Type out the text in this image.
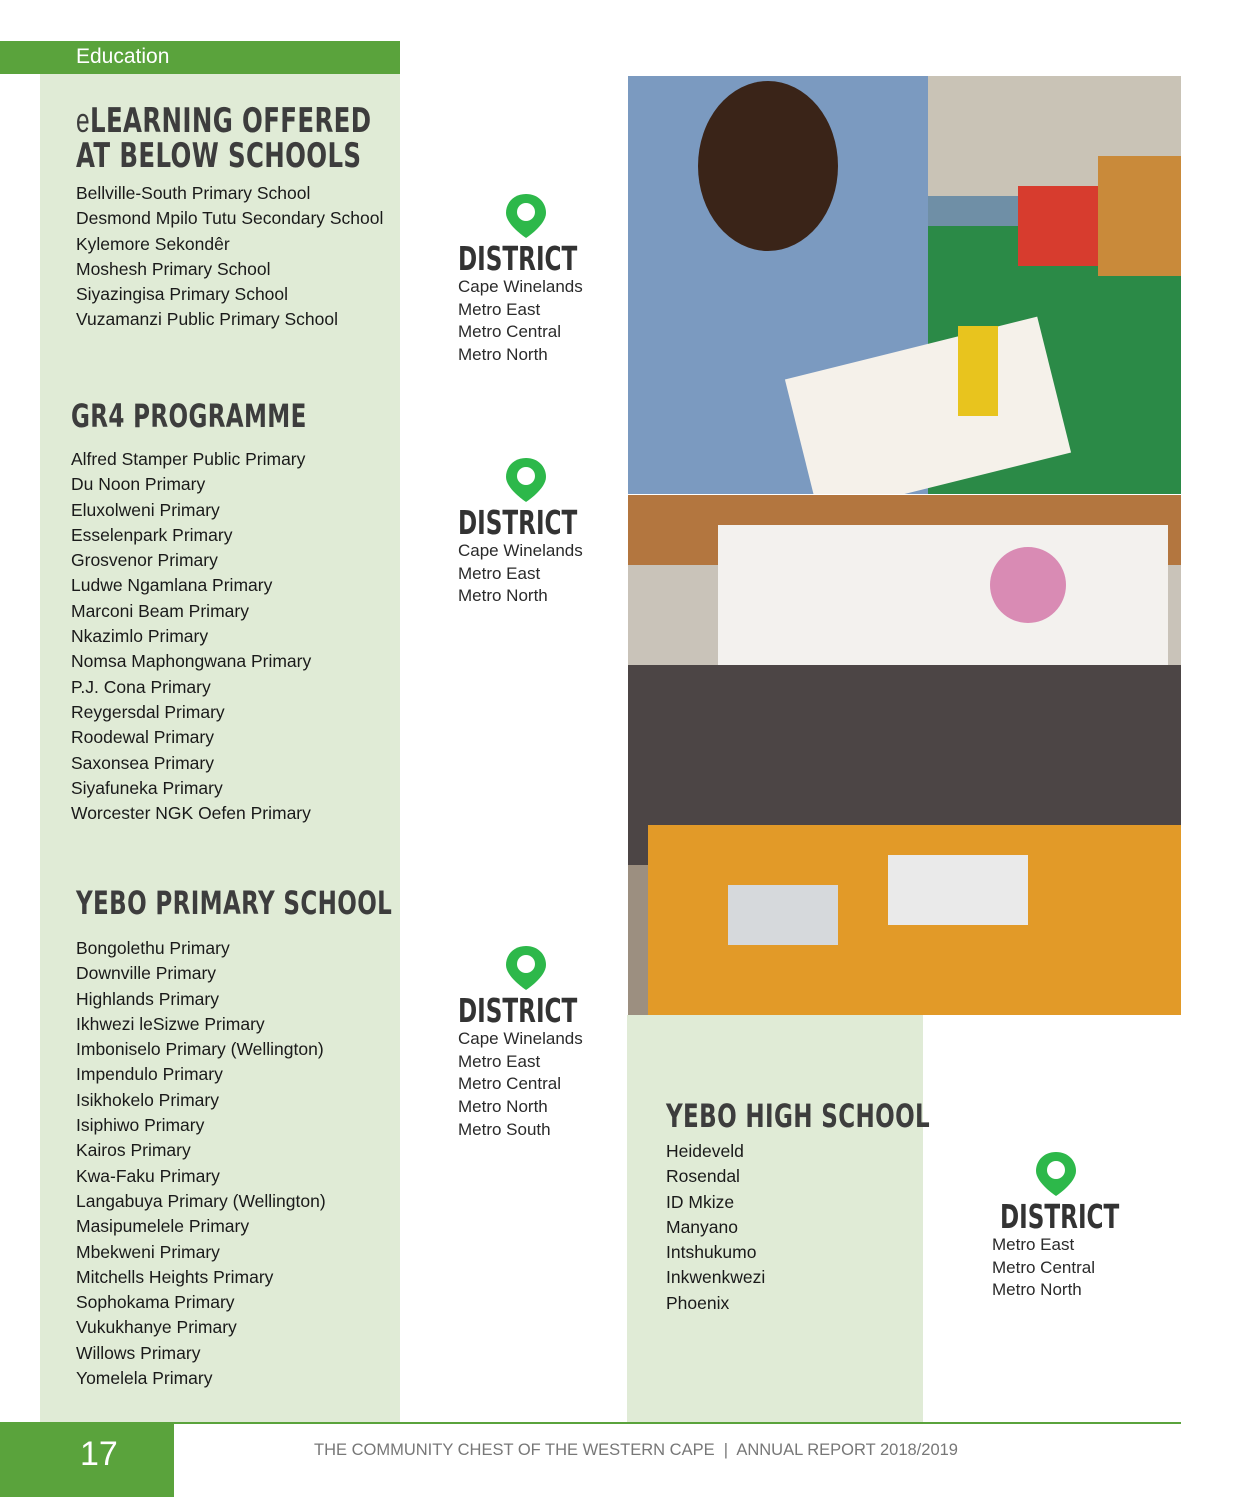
Education
eLEARNING OFFERED
AT BELOW SCHOOLS
Bellville-South Primary School
Desmond Mpilo Tutu Secondary School
Kylemore Sekondêr
Moshesh Primary School
Siyazingisa Primary School
Vuzamanzi Public Primary School
GR4 PROGRAMME
Alfred Stamper Public Primary
Du Noon Primary
Eluxolweni Primary
Esselenpark Primary
Grosvenor Primary
Ludwe Ngamlana Primary
Marconi Beam Primary
Nkazimlo Primary
Nomsa Maphongwana Primary
P.J. Cona Primary
Reygersdal Primary
Roodewal Primary
Saxonsea Primary
Siyafuneka Primary
Worcester NGK Oefen Primary
YEBO PRIMARY SCHOOL
Bongolethu Primary
Downville Primary
Highlands Primary
Ikhwezi leSizwe Primary
Imboniselo Primary (Wellington)
Impendulo Primary
Isikhokelo Primary
Isiphiwo Primary
Kairos Primary
Kwa-Faku Primary
Langabuya Primary (Wellington)
Masipumelele Primary
Mbekweni Primary
Mitchells Heights Primary
Sophokama Primary
Vukukhanye Primary
Willows Primary
Yomelela Primary
DISTRICT
Cape Winelands
Metro East
Metro Central
Metro North
DISTRICT
Cape Winelands
Metro East
Metro North
DISTRICT
Cape Winelands
Metro East
Metro Central
Metro North
Metro South	YEBO HIGH SCHOOL
Heideveld
Rosendal
ID Mkize
Manyano
Intshukumo
Inkwenkwezi
Phoenix
DISTRICT
Metro East
Metro Central
Metro North
17	THE COMMUNITY CHEST OF THE WESTERN CAPE  |  ANNUAL REPORT 2018/2019
